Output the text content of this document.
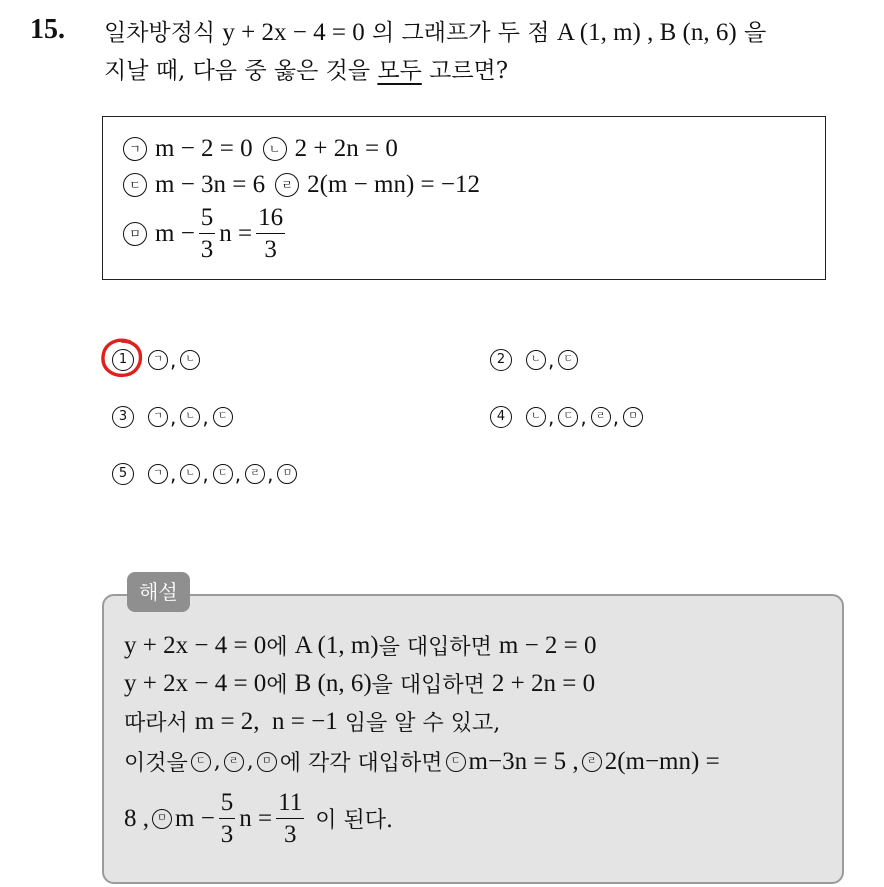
15. 일차방정식 y + 2x − 4 = 0 의 그래프가 두 점 A (1, m) , B (n, 6) 을
지날 때, 다음 중 옳은 것을 모두 고르면?
ㄱ m − 2 = 0	ㄴ 2 + 2n = 0
ㄷ m − 3n = 6	ㄹ 2(m − mn) = −12
ㅁ $m - \frac{5}{3}$ $n = \frac{16}{3}$
1	ㄱ , ㄴ	2	ㄴ , ㄷ
3	ㄱ , ㄴ , ㄷ	4	ㄴ , ㄷ , ㄹ , ㅁ
5	ㄱ , ㄴ , ㄷ , ㄹ , ㅁ
해설
y + 2x − 4 = 0 에
A (1, m) 을 대입하면
m − 2 = 0
y + 2x − 4 = 0 에
B (n, 6) 을 대입하면
2 + 2n = 0
따라서
m = 2,  n = −1
임을 알 수 있고,
이것을 ㄷ , ㄹ , ㅁ 에 각각 대입하면 ㄷ m−3n = 5 , ㄹ 2(m−mn) =
8 , ㅁ $m - \frac{5}{3}$ $n = \frac{11}{3}$
이 된다.
